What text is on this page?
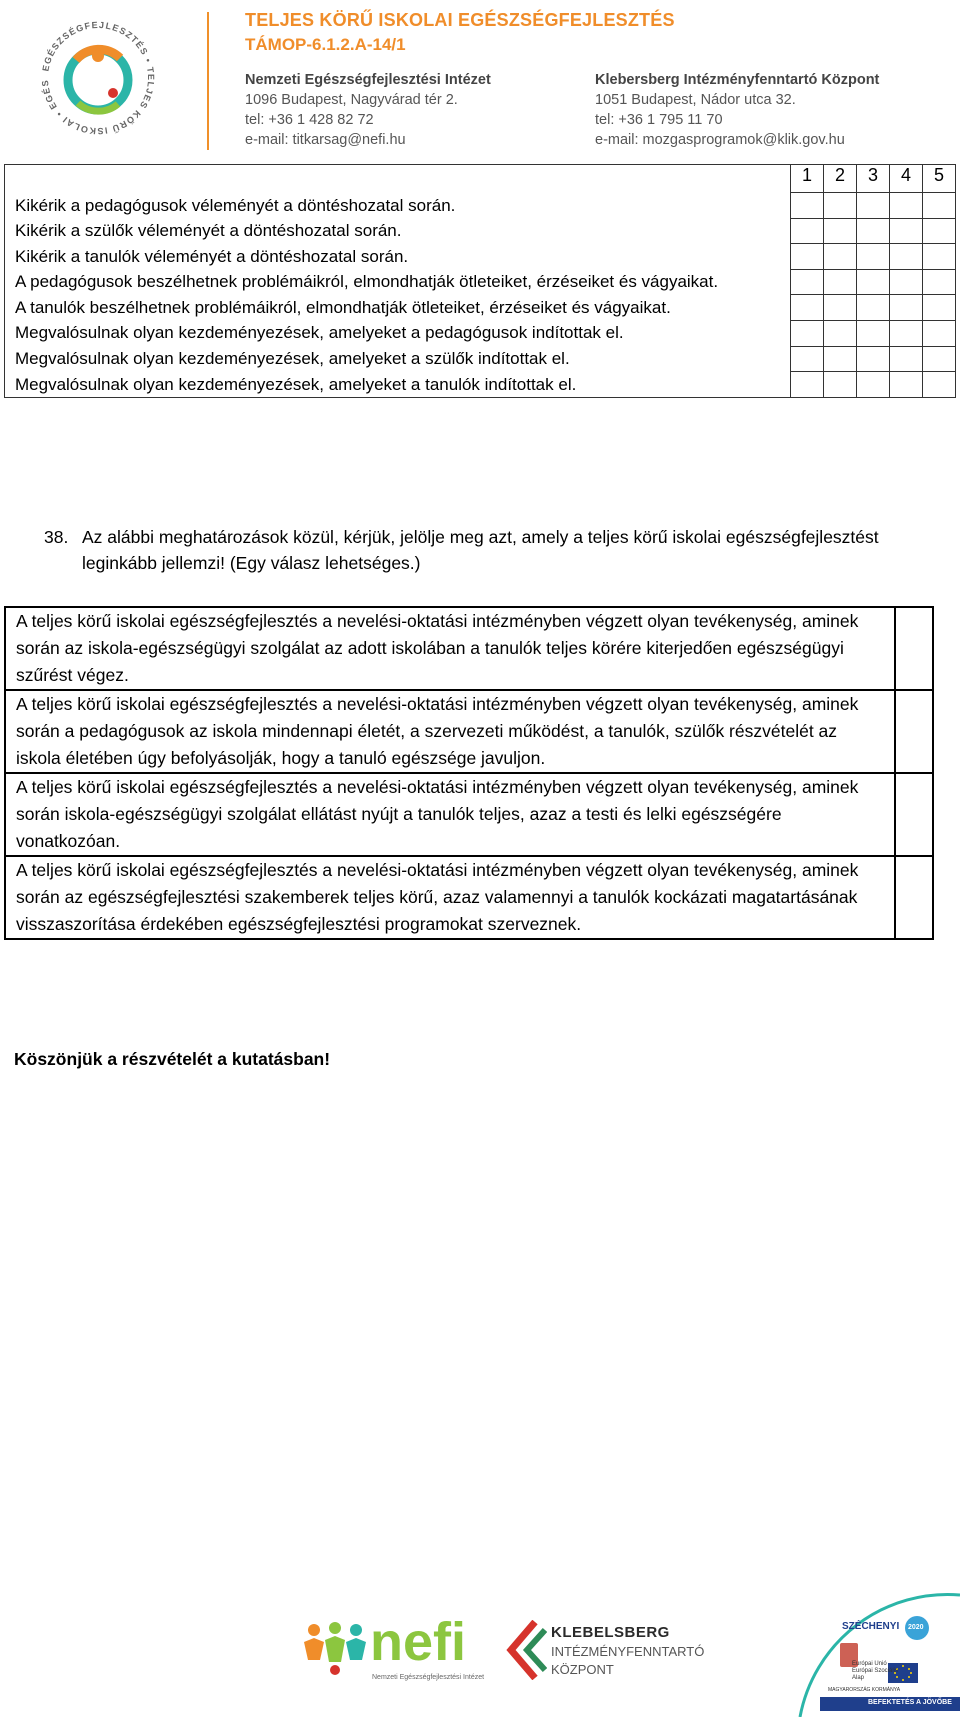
EGÉSZSÉGFEJLESZTÉS • TELJES KÖRŰ ISKOLAI • EGÉS
TELJES KÖRŰ ISKOLAI EGÉSZSÉGFEJLESZTÉS
TÁMOP-6.1.2.A-14/1
Nemzeti Egészségfejlesztési Intézet
1096 Budapest, Nagyvárad tér 2.
tel: +36 1 428 82 72
e-mail: titkarsag@nefi.hu
Klebersberg Intézményfenntartó Központ
1051 Budapest, Nádor utca 32.
tel: +36 1 795 11 70
e-mail: mozgasprogramok@klik.gov.hu
	1	2	3	4	5
Kikérik a pedagógusok véleményét a döntéshozatal során.					
Kikérik a szülők véleményét a döntéshozatal során.					
Kikérik a tanulók véleményét a döntéshozatal során.					
A pedagógusok beszélhetnek problémáikról, elmondhatják ötleteiket, érzéseiket és vágyaikat.					
A tanulók beszélhetnek problémáikról, elmondhatják ötleteiket, érzéseiket és vágyaikat.					
Megvalósulnak olyan kezdeményezések, amelyeket a pedagógusok indítottak el.					
Megvalósulnak olyan kezdeményezések, amelyeket a szülők indítottak el.					
Megvalósulnak olyan kezdeményezések, amelyeket a tanulók indítottak el.					
38. Az alábbi meghatározások közül, kérjük, jelölje meg azt, amely a teljes körű iskolai egészségfejlesztést leginkább jellemzi! (Egy válasz lehetséges.)
A teljes körű iskolai egészségfejlesztés a nevelési-oktatási intézményben végzett olyan tevékenység, aminek során az iskola-egészségügyi szolgálat az adott iskolában a tanulók teljes körére kiterjedően egészségügyi szűrést végez.	
A teljes körű iskolai egészségfejlesztés a nevelési-oktatási intézményben végzett olyan tevékenység, aminek során a pedagógusok az iskola mindennapi életét, a szervezeti működést, a tanulók, szülők részvételét az iskola életében úgy befolyásolják, hogy a tanuló egészsége javuljon.	
A teljes körű iskolai egészségfejlesztés a nevelési-oktatási intézményben végzett olyan tevékenység, aminek során iskola-egészségügyi szolgálat ellátást nyújt a tanulók teljes, azaz a testi és lelki egészségére vonatkozóan.	
A teljes körű iskolai egészségfejlesztés a nevelési-oktatási intézményben végzett olyan tevékenység, aminek során az egészségfejlesztési szakemberek teljes körű, azaz valamennyi a tanulók kockázati magatartásának visszaszorítása érdekében egészségfejlesztési programokat szerveznek.	
Köszönjük a részvételét a kutatásban!
nefi
Nemzeti Egészségfejlesztési Intézet
KLEBELSBERG
INTÉZMÉNYFENNTARTÓ
KÖZPONT
SZÉCHENYI 2020
Európai Unió
Európai Szociális
Alap
MAGYARORSZÁG KORMÁNYA
BEFEKTETÉS A JÖVŐBE
